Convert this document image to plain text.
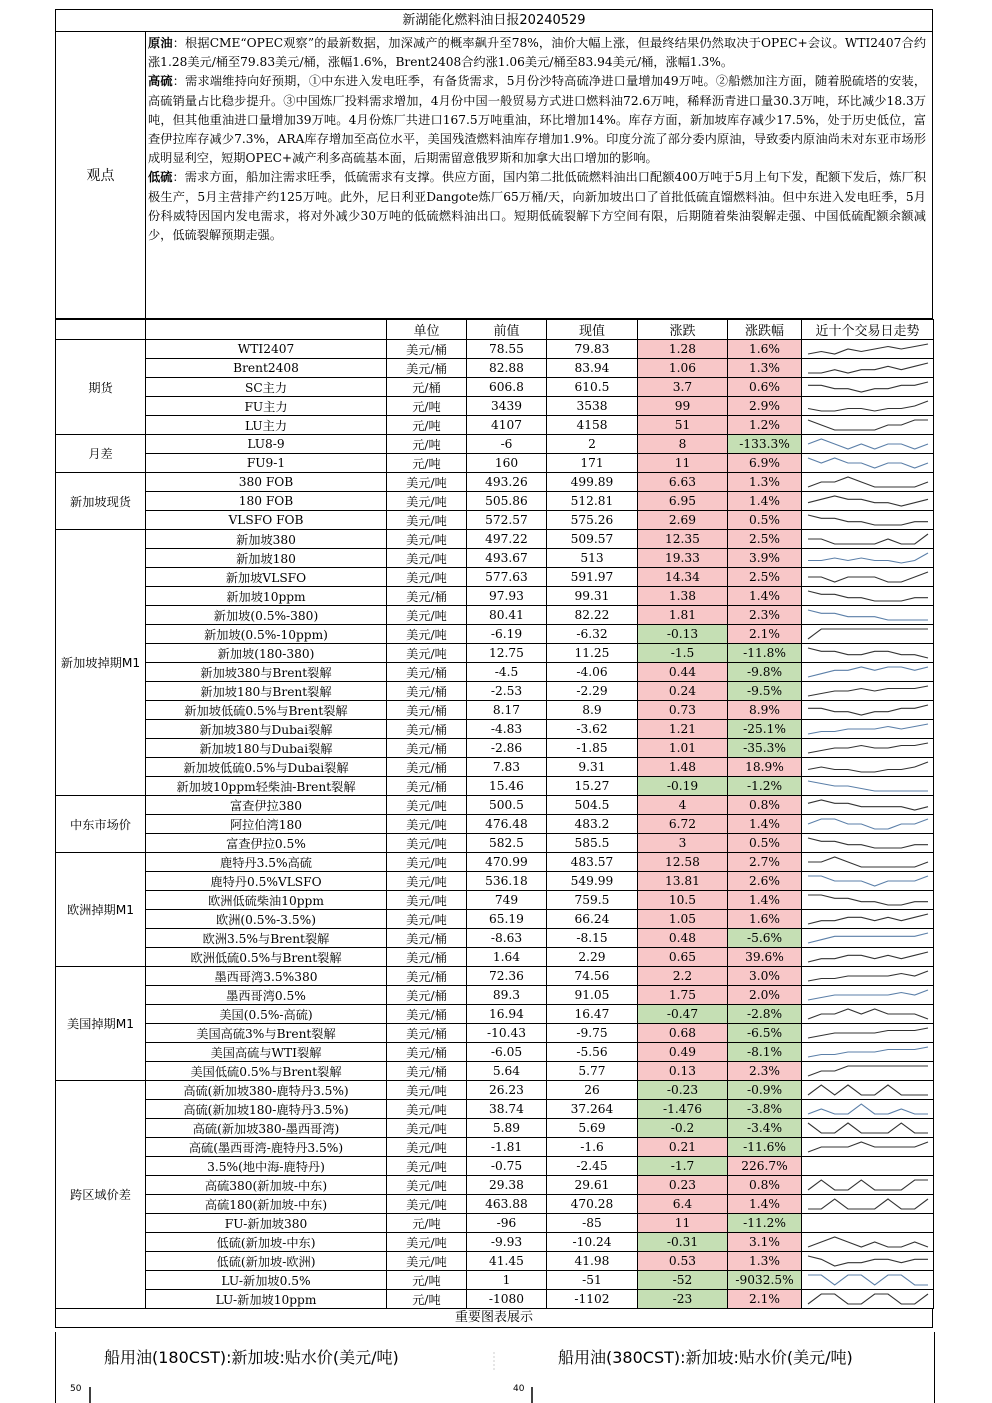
新湖能化燃料油日报20240529
观点

原油：根据CME“OPEC观察”的最新数据，加深减产的概率飙升至78%，油价大幅上涨，但最终结果仍然取决于OPEC+会议。WTI2407合约涨1.28美元/桶至79.83美元/桶，涨幅1.6%，Brent2408合约涨1.06美元/桶至83.94美元/桶，涨幅1.3%。

高硫：需求端维持向好预期，①中东进入发电旺季，有备货需求，5月份沙特高硫净进口量增加49万吨。②船燃加注方面，随着脱硫塔的安装，高硫销量占比稳步提升。③中国炼厂投料需求增加，4月份中国一般贸易方式进口燃料油72.6万吨，稀释沥青进口量30.3万吨，环比减少18.3万吨，但其他重油进口量增加39万吨。4月份炼厂共进口167.5万吨重油，环比增加14%。库存方面，新加坡库存减少17.5%，处于历史低位，富查伊拉库存减少7.3%，ARA库存增加至高位水平，美国残渣燃料油库存增加1.9%。印度分流了部分委内原油，导致委内原油尚未对东亚市场形成明显利空，短期OPEC+减产利多高硫基本面，后期需留意俄罗斯和加拿大出口增加的影响。

低硫：需求方面，船加注需求旺季，低硫需求有支撑。供应方面，国内第二批低硫燃料油出口配额400万吨于5月上旬下发，配额下发后，炼厂积极生产，5月主营排产约125万吨。此外，尼日利亚Dangote炼厂65万桶/天，向新加坡出口了首批低硫直馏燃料油。但中东进入发电旺季，5月份科威特因国内发电需求，将对外减少30万吨的低硫燃料油出口。短期低硫裂解下方空间有限，后期随着柴油裂解走强、中国低硫配额余额减少，低硫裂解预期走强。

		单位	前值	现值	涨跌	涨跌幅	近十个交易日走势
期货	WTI2407	美元/桶	78.55	79.83	1.28	1.6%	

	Brent2408	美元/桶	82.88	83.94	1.06	1.3%	

	SC主力	元/桶	606.8	610.5	3.7	0.6%	

	FU主力	元/吨	3439	3538	99	2.9%	

	LU主力	元/吨	4107	4158	51	1.2%	

月差	LU8-9	元/吨	-6	2	8	-133.3%	

	FU9-1	元/吨	160	171	11	6.9%	

新加坡现货	380 FOB	美元/吨	493.26	499.89	6.63	1.3%	

	180 FOB	美元/吨	505.86	512.81	6.95	1.4%	

	VLSFO FOB	美元/吨	572.57	575.26	2.69	0.5%	

新加坡掉期M1	新加坡380	美元/吨	497.22	509.57	12.35	2.5%	

	新加坡180	美元/吨	493.67	513	19.33	3.9%	

	新加坡VLSFO	美元/吨	577.63	591.97	14.34	2.5%	

	新加坡10ppm	美元/桶	97.93	99.31	1.38	1.4%	

	新加坡(0.5%-380)	美元/吨	80.41	82.22	1.81	2.3%	

	新加坡(0.5%-10ppm)	美元/吨	-6.19	-6.32	-0.13	2.1%	

	新加坡(180-380)	美元/吨	12.75	11.25	-1.5	-11.8%	

	新加坡380与Brent裂解	美元/桶	-4.5	-4.06	0.44	-9.8%	

	新加坡180与Brent裂解	美元/桶	-2.53	-2.29	0.24	-9.5%	

	新加坡低硫0.5%与Brent裂解	美元/桶	8.17	8.9	0.73	8.9%	

	新加坡380与Dubai裂解	美元/桶	-4.83	-3.62	1.21	-25.1%	

	新加坡180与Dubai裂解	美元/桶	-2.86	-1.85	1.01	-35.3%	

	新加坡低硫0.5%与Dubai裂解	美元/桶	7.83	9.31	1.48	18.9%	

	新加坡10ppm轻柴油-Brent裂解	美元/桶	15.46	15.27	-0.19	-1.2%	

中东市场价	富查伊拉380	美元/吨	500.5	504.5	4	0.8%	

	阿拉伯湾180	美元/吨	476.48	483.2	6.72	1.4%	

	富查伊拉0.5%	美元/吨	582.5	585.5	3	0.5%	

欧洲掉期M1	鹿特丹3.5%高硫	美元/吨	470.99	483.57	12.58	2.7%	

	鹿特丹0.5%VLSFO	美元/吨	536.18	549.99	13.81	2.6%	

	欧洲低硫柴油10ppm	美元/吨	749	759.5	10.5	1.4%	

	欧洲(0.5%-3.5%)	美元/吨	65.19	66.24	1.05	1.6%	

	欧洲3.5%与Brent裂解	美元/桶	-8.63	-8.15	0.48	-5.6%	

	欧洲低硫0.5%与Brent裂解	美元/桶	1.64	2.29	0.65	39.6%	

美国掉期M1	墨西哥湾3.5%380	美元/桶	72.36	74.56	2.2	3.0%	

	墨西哥湾0.5%	美元/桶	89.3	91.05	1.75	2.0%	

	美国(0.5%-高硫)	美元/桶	16.94	16.47	-0.47	-2.8%	

	美国高硫3%与Brent裂解	美元/桶	-10.43	-9.75	0.68	-6.5%	

	美国高硫与WTI裂解	美元/桶	-6.05	-5.56	0.49	-8.1%	

	美国低硫0.5%与Brent裂解	美元/桶	5.64	5.77	0.13	2.3%	

跨区域价差	高硫(新加坡380-鹿特丹3.5%)	美元/吨	26.23	26	-0.23	-0.9%	

	高硫(新加坡180-鹿特丹3.5%)	美元/吨	38.74	37.264	-1.476	-3.8%	

	高硫(新加坡380-墨西哥湾)	美元/吨	5.89	5.69	-0.2	-3.4%	

	高硫(墨西哥湾-鹿特丹3.5%)	美元/吨	-1.81	-1.6	0.21	-11.6%	

	3.5%(地中海-鹿特丹)	美元/吨	-0.75	-2.45	-1.7	226.7%	
	高硫380(新加坡-中东)	美元/吨	29.38	29.61	0.23	0.8%	

	高硫180(新加坡-中东)	美元/吨	463.88	470.28	6.4	1.4%	

	FU-新加坡380	元/吨	-96	-85	11	-11.2%	
	低硫(新加坡-中东)	美元/吨	-9.93	-10.24	-0.31	3.1%	

	低硫(新加坡-欧洲)	美元/吨	41.45	41.98	0.53	1.3%	

	LU-新加坡0.5%	元/吨	1	-51	-52	-9032.5%	

	LU-新加坡10ppm	元/吨	-1080	-1102	-23	2.1%	
重要图表展示
船用油(180CST):新加坡:贴水价(美元/吨)	船用油(380CST):新加坡:贴水价(美元/吨)
50	40
